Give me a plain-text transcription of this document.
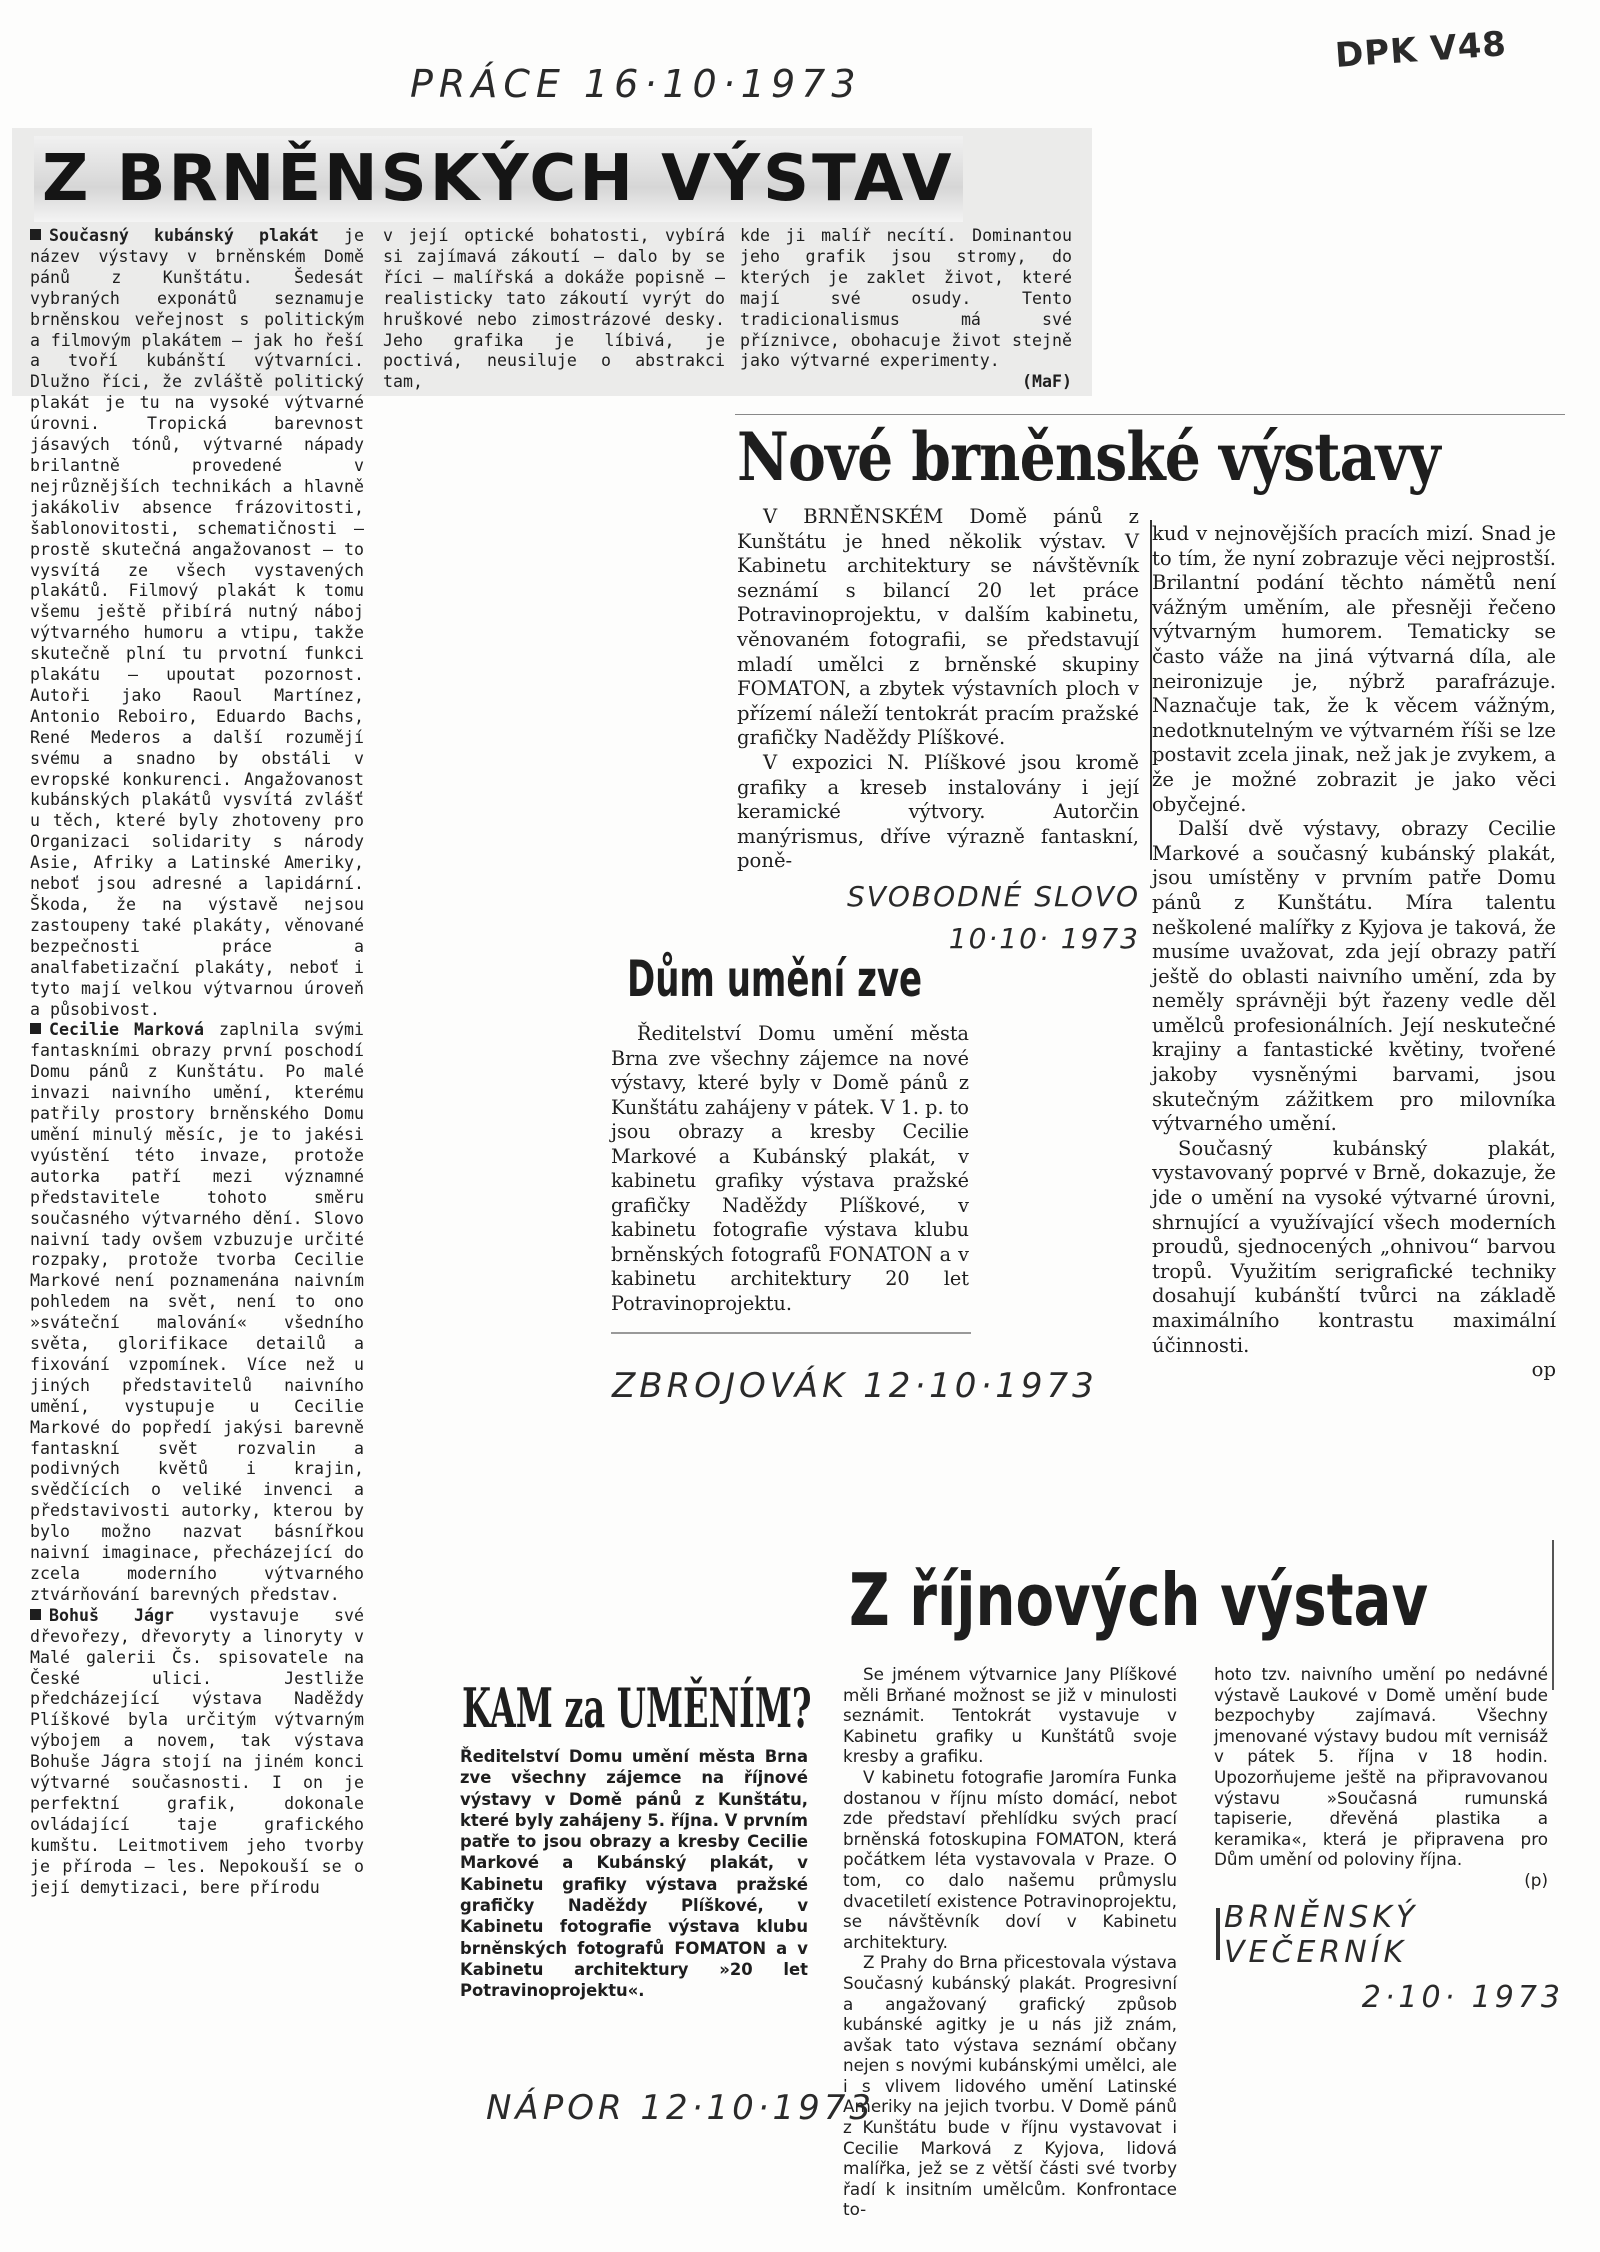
PRÁCE 16·10·1973
DPK V48
Z BRNĚNSKÝCH VÝSTAV

Současný kubánský plakát je název výstavy v brněnském Domě pánů z Kunštátu. Šedesát vybraných exponátů seznamuje brněnskou veřejnost s politickým a filmovým plakátem — jak ho řeší a tvoří kubánští výtvarníci. Dlužno říci, že zvláště politický plakát je tu na vysoké výtvarné úrovni. Tropická barevnost jásavých tónů, výtvarné nápady brilantně provedené v nejrůznějších technikách a hlavně jakákoliv absence frázovitosti, šablonovitosti, schematičnosti — prostě skutečná angažovanost — to vysvítá ze všech vystavených plakátů. Filmový plakát k tomu všemu ještě přibírá nutný náboj výtvarného humoru a vtipu, takže skutečně plní tu prvotní funkci plakátu — upoutat pozornost. Autoři jako Raoul Martínez, Antonio Reboiro, Eduardo Bachs, René Mederos a další rozumějí svému a snadno by obstáli v evropské konkurenci. Angažovanost kubánských plakátů vysvítá zvlášť u těch, které byly zhotoveny pro Organizaci solidarity s národy Asie, Afriky a Latinské Ameriky, neboť jsou adresné a lapidární. Škoda, že na výstavě nejsou zastoupeny také plakáty, věnované bezpečnosti práce a analfabetizační plakáty, neboť i tyto mají velkou výtvarnou úroveň a působivost.

Cecilie Marková zaplnila svými fantaskními obrazy první poschodí Domu pánů z Kunštátu. Po malé invazi naivního umění, kterému patřily prostory brněnského Domu umění minulý měsíc, je to jakési vyústění této invaze, protože autorka patří mezi významné představitele tohoto směru současného výtvarného dění. Slovo naivní tady ovšem vzbuzuje určité rozpaky, protože tvorba Cecilie Markové není poznamenána naivním pohledem na svět, není to ono »sváteční malování« všedního světa, glorifikace detailů a fixování vzpomínek. Více než u jiných představitelů naivního umění, vystupuje u Cecilie Markové do popředí jakýsi barevně fantaskní svět rozvalin a podivných květů i krajin, svědčících o veliké invenci a představivosti autorky, kterou by bylo možno nazvat básnířkou naivní imaginace, přecházející do zcela moderního výtvarného ztvárňování barevných představ.

Bohuš Jágr vystavuje své dřevořezy, dřevoryty a linoryty v Malé galerii Čs. spisovatele na České ulici. Jestliže předcházející výstava Naděždy Plíškové byla určitým výtvarným výbojem a novem, tak výstava Bohuše Jágra stojí na jiném konci výtvarné současnosti. I on je perfektní grafik, dokonale ovládající taje grafického kumštu. Leitmotivem jeho tvorby je příroda — les. Nepokouší se o její demytizaci, bere přírodu

v její optické bohatosti, vybírá si zajímavá zákoutí — dalo by se říci — malířská a dokáže popisně — realisticky tato zákoutí vyrýt do hruškové nebo zimostrázové desky. Jeho grafika je líbivá, je poctivá, neusiluje o abstrakci tam,

kde ji malíř necítí. Dominantou jeho grafik jsou stromy, do kterých je zaklet život, které mají své osudy. Tento tradicionalismus má své příznivce, obohacuje život stejně jako výtvarné experimenty.

(MaF)

Nové brněnské výstavy

V BRNĚNSKÉM Domě pánů z Kunštátu je hned několik výstav. V Kabinetu architektury se návštěvník seznámí s bilancí 20 let práce Potravinoprojektu, v dalším kabinetu, věnovaném fotografii, se představují mladí umělci z brněnské skupiny FOMATON, a zbytek výstavních ploch v přízemí náleží tentokrát pracím pražské grafičky Naděždy Plíškové.

V expozici N. Plíškové jsou kromě grafiky a kreseb instalovány i její keramické výtvory. Autorčin manýrismus, dříve výrazně fantaskní, poně-

kud v nejnovějších pracích mizí. Snad je to tím, že nyní zobrazuje věci nejprostší. Brilantní podání těchto námětů není vážným uměním, ale přesněji řečeno výtvarným humorem. Tematicky se často váže na jiná výtvarná díla, ale neironizuje je, nýbrž parafrázuje. Naznačuje tak, že k věcem vážným, nedotknutelným ve výtvarném říši se lze postavit zcela jinak, než jak je zvykem, a že je možné zobrazit je jako věci obyčejné.

Další dvě výstavy, obrazy Cecilie Markové a současný kubánský plakát, jsou umístěny v prvním patře Domu pánů z Kunštátu. Míra talentu neškolené malířky z Kyjova je taková, že musíme uvažovat, zda její obrazy patří ještě do oblasti naivního umění, zda by neměly správněji být řazeny vedle děl umělců profesionálních. Její neskutečné krajiny a fantastické květiny, tvořené jakoby vysněnými barvami, jsou skutečným zážitkem pro milovníka výtvarného umění.

Současný kubánský plakát, vystavovaný poprvé v Brně, dokazuje, že jde o umění na vysoké výtvarné úrovni, shrnující a využívající všech moderních proudů, sjednocených „ohnivou“ barvou tropů. Využitím serigrafické techniky dosahují kubánští tvůrci na základě maximálního kontrastu maximální účinnosti.

op

SVOBODNÉ SLOVO 10·10· 1973
Dům umění zve

Ředitelství Domu umění města Brna zve všechny zájemce na nové výstavy, které byly v Domě pánů z Kunštátu zahájeny v pátek. V 1. p. to jsou obrazy a kresby Cecilie Markové a Kubánský plakát, v kabinetu grafiky výstava pražské grafičky Naděždy Plíškové, v kabinetu fotografie výstava klubu brněnských fotografů FONATON a v kabinetu architektury 20 let Potravinoprojektu.

ZBROJOVÁK 12·10·1973
Z říjnových výstav

Se jménem výtvarnice Jany Plíškové měli Brňané možnost se již v minulosti seznámit. Tentokrát vystavuje v Kabinetu grafiky u Kunštátů svoje kresby a grafiku.

V kabinetu fotografie Jaromíra Funka dostanou v říjnu místo domácí, nebot zde představí přehlídku svých prací brněnská fotoskupina FOMATON, která počátkem léta vystavovala v Praze. O tom, co dalo našemu průmyslu dvacetiletí existence Potravinoprojektu, se návštěvník doví v Kabinetu architektury.

Z Prahy do Brna přicestovala výstava Současný kubánský plakát. Progresivní a angažovaný grafický způsob kubánské agitky je u nás již znám, avšak tato výstava seznámí občany nejen s novými kubánskými umělci, ale i s vlivem lidového umění Latinské Ameriky na jejich tvorbu. V Domě pánů z Kunštátu bude v říjnu vystavovat i Cecilie Marková z Kyjova, lidová malířka, jež se z větší části své tvorby řadí k insitním umělcům. Konfrontace to-

hoto tzv. naivního umění po nedávné výstavě Laukové v Domě umění bude bezpochyby zajímavá. Všechny jmenované výstavy budou mít vernisáž v pátek 5. října v 18 hodin. Upozorňujeme ještě na připravovanou výstavu »Současná rumunská tapiserie, dřevěná plastika a keramika«, která je připravena pro Dům umění od poloviny října.

(p)

BRNĚNSKÝ VEČERNÍK
2·10· 1973
KAM za UMĚNÍM?

Ředitelství Domu umění města Brna zve všechny zájemce na říjnové výstavy v Domě pánů z Kunštátu, které byly zahájeny 5. října. V prvním patře to jsou obrazy a kresby Cecilie Markové a Kubánský plakát, v Kabinetu grafiky výstava pražské grafičky Naděždy Plíškové, v Kabinetu fotografie výstava klubu brněnských fotografů FOMATON a v Kabinetu architektury »20 let Potravinoprojektu«.

NÁPOR 12·10·1973
